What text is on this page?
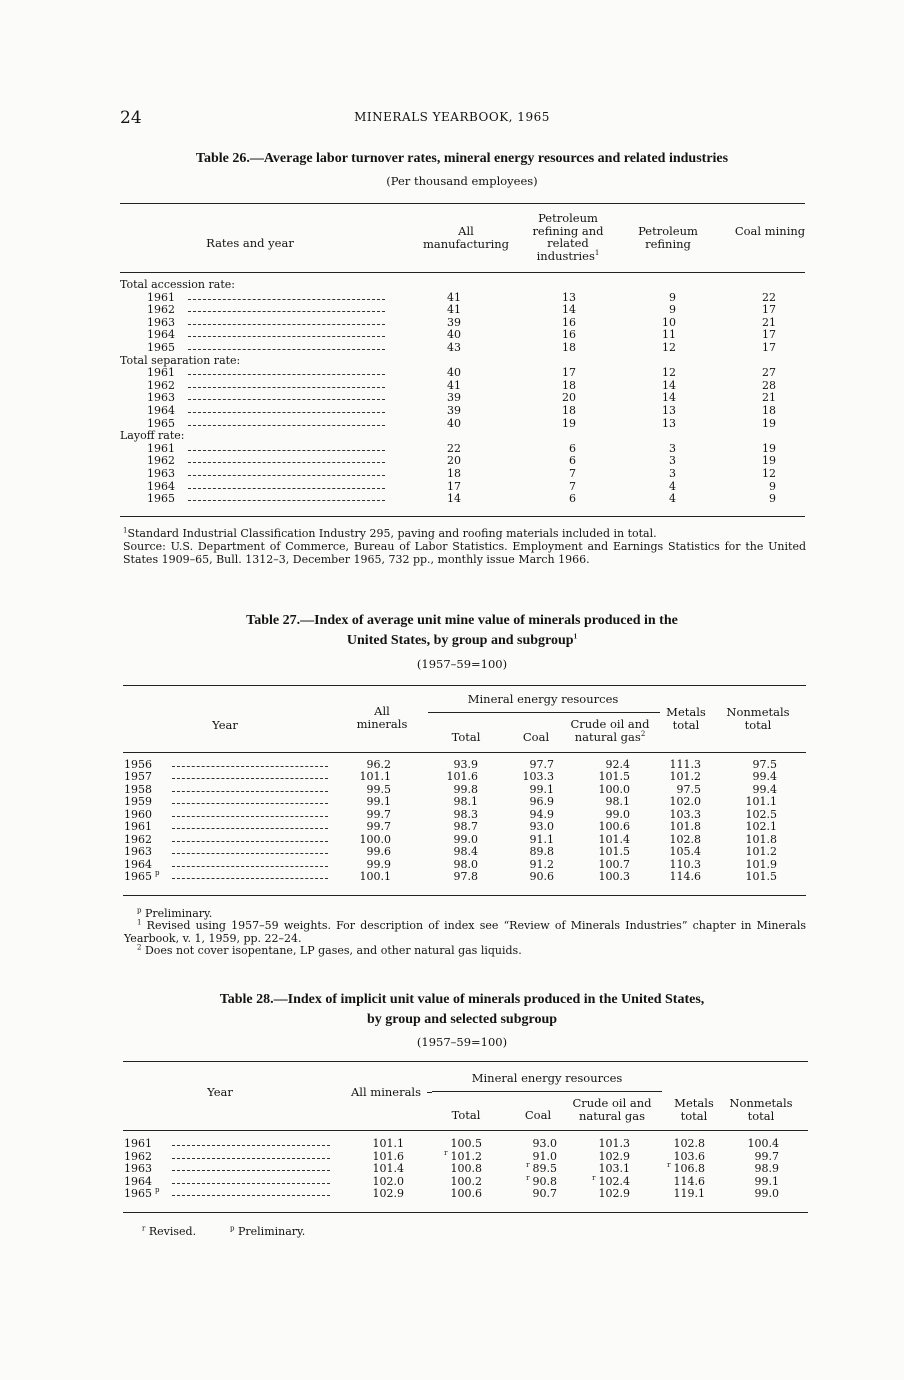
24	MINERALS YEARBOOK, 1965
Table 26.—Average labor turnover rates, mineral energy resources and related industries
(Per thousand employees)
Rates and year
All manufacturing
Petroleum refining and related industries$^1$
Petroleum refining
Coal mining
Total accession rate:
1961	41	13	9	22
1962	41	14	9	17
1963	39	16	10	21
1964	40	16	11	17
1965	43	18	12	17
Total separation rate:
1961	40	17	12	27
1962	41	18	14	28
1963	39	20	14	21
1964	39	18	13	18
1965	40	19	13	19
Layoff rate:
1961	22	6	3	19
1962	20	6	3	19
1963	18	7	3	12
1964	17	7	4	9
1965	14	6	4	9
$^1$Standard Industrial Classification Industry 295, paving and roofing materials included in total.
Source: U.S. Department of Commerce, Bureau of Labor Statistics. Employment and Earnings Statistics for the United States 1909–65, Bull. 1312–3, December 1965, 732 pp., monthly issue March 1966.
Table 27.—Index of average unit mine value of minerals produced in the
United States, by group and subgroup$^1$
(1957–59=100)
Year
All minerals
Mineral energy resources
Total	Coal
Crude oil and natural gas$^2$
Metals total
Nonmetals total
1956	96.2	93.9	97.7	92.4	111.3	97.5
1957	101.1	101.6	103.3	101.5	101.2	99.4
1958	99.5	99.8	99.1	100.0	97.5	99.4
1959	99.1	98.1	96.9	98.1	102.0	101.1
1960	99.7	98.3	94.9	99.0	103.3	102.5
1961	99.7	98.7	93.0	100.6	101.8	102.1
1962	100.0	99.0	91.1	101.4	102.8	101.8
1963	99.6	98.4	89.8	101.5	105.4	101.2
1964	99.9	98.0	91.2	100.7	110.3	101.9
1965 $^p$	100.1	97.8	90.6	100.3	114.6	101.5
$^p$ Preliminary.
$^1$ Revised using 1957–59 weights. For description of index see “Review of Minerals Industries” chapter in Minerals Yearbook, v. 1, 1959, pp. 22–24.
$^2$ Does not cover isopentane, LP gases, and other natural gas liquids.
Table 28.—Index of implicit unit value of minerals produced in the United States,
by group and selected subgroup
(1957–59=100)
Year	All minerals
Mineral energy resources
Total	Coal
Crude oil and natural gas
Metals total
Nonmetals total
1961	101.1	100.5	93.0	101.3	102.8	100.4
1962	101.6	$^r$ 101.2	91.0	102.9	103.6	99.7
1963	101.4	100.8	$^r$ 89.5	103.1	$^r$ 106.8	98.9
1964	102.0	100.2	$^r$ 90.8	$^r$ 102.4	114.6	99.1
1965 $^p$	102.9	100.6	90.7	102.9	119.1	99.0
$^r$ Revised.	$^p$ Preliminary.
